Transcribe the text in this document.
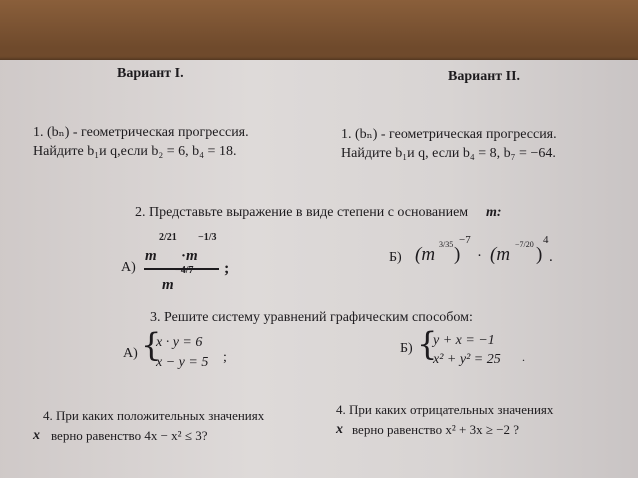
Вариант I.	Вариант II.
1. (bₙ) - геометрическая прогрессия.
Найдите b₁и q,если b₂ = 6, b₄ = 18.
1. (bₙ) - геометрическая прогрессия.
Найдите b₁и q, если b₄ = 8, b₇ = −64.
2. Представьте выражение в виде степени с основанием m:
А)
m
2/21
· m
−1/3
m
−4/7 ;
Б) (m 3/35 )
−7
· (m −7/20 )
4
.
3. Решите систему уравнений графическим способом:
А) {
x · y = 6
x − y = 5 ;
Б) {
y + x = −1
x² + y² = 25 .
4. При каких положительных значениях
x верно равенство 4x − x² ≤ 3?
4. При каких отрицательных значениях
x верно равенство x² + 3x ≥ −2 ?
